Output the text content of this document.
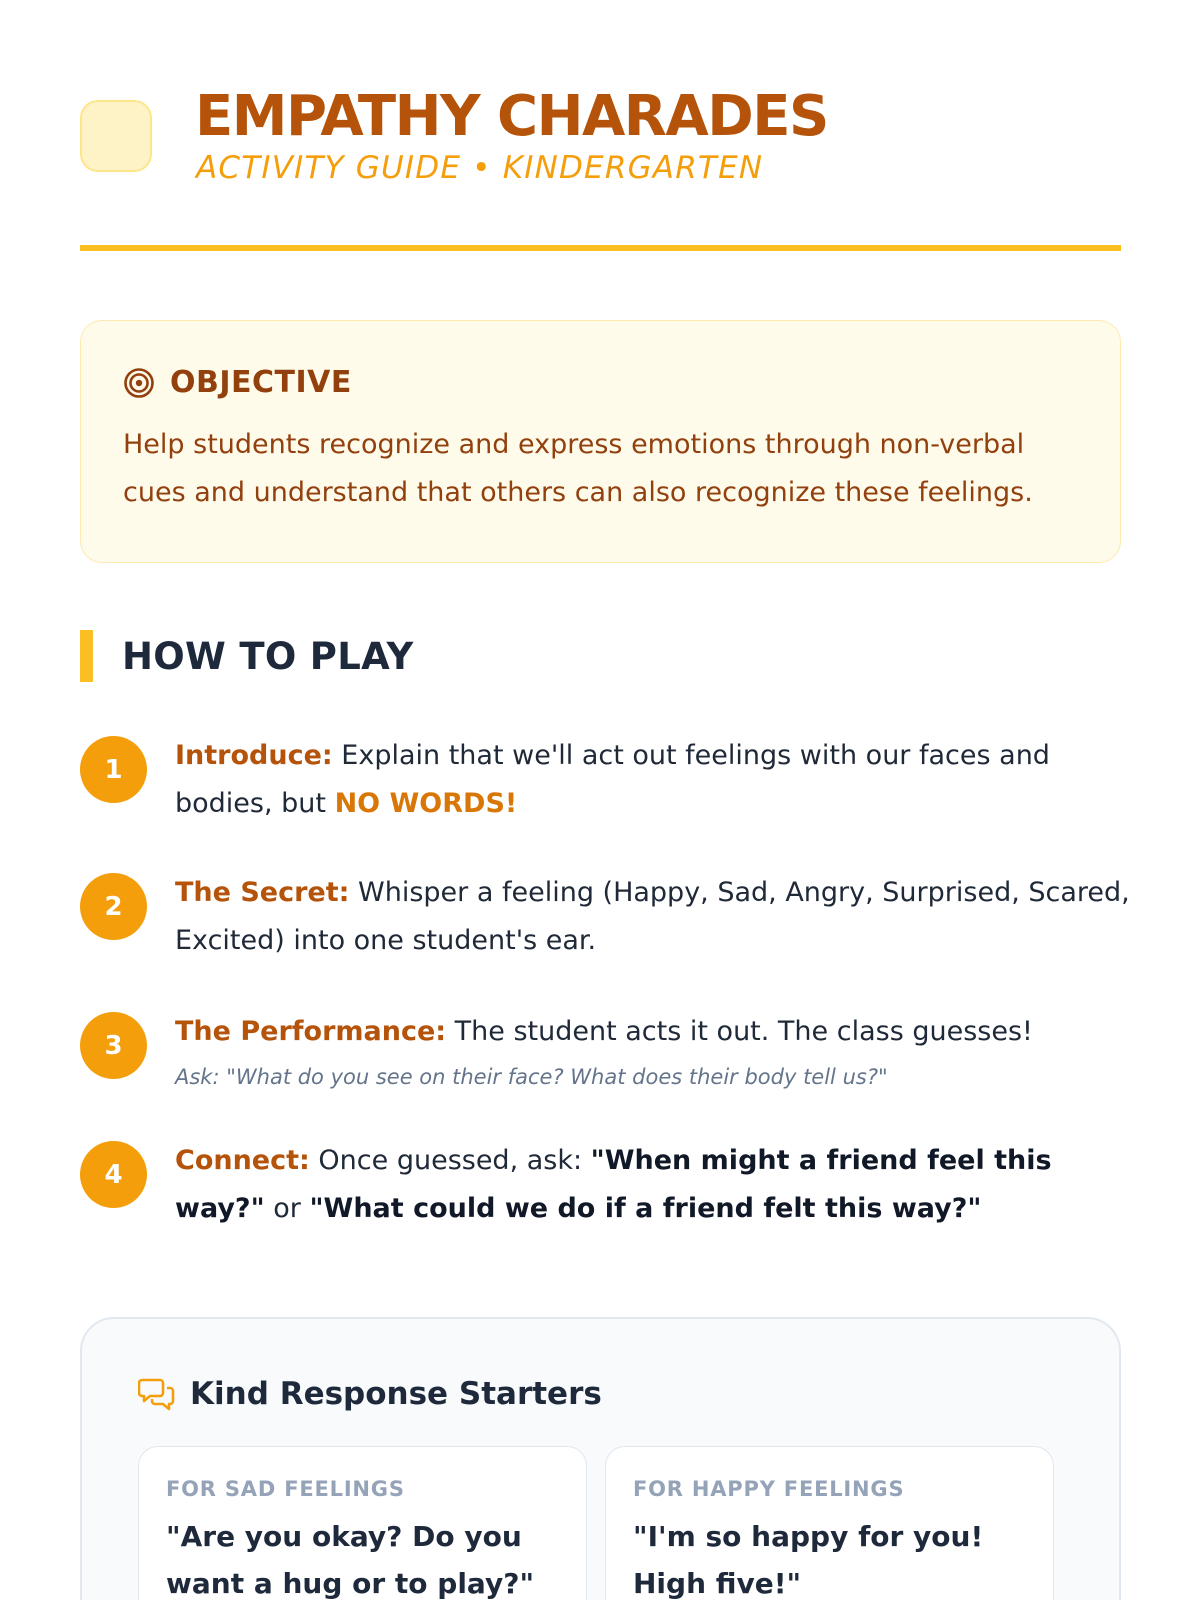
EMPATHY CHARADES
ACTIVITY GUIDE • KINDERGARTEN
OBJECTIVE
Help students recognize and express emotions through non-verbal cues and understand that others can also recognize these feelings.
HOW TO PLAY
1	Introduce: Explain that we'll act out feelings with our faces and bodies, but NO WORDS!
2	The Secret: Whisper a feeling (Happy, Sad, Angry, Surprised, Scared, Excited) into one student's ear.
3	The Performance: The student acts it out. The class guesses!
Ask: "What do you see on their face? What does their body tell us?"
4	Connect: Once guessed, ask: "When might a friend feel this way?" or "What could we do if a friend felt this way?"
Kind Response Starters
FOR SAD FEELINGS
"Are you okay? Do you want a hug or to play?"
FOR HAPPY FEELINGS
"I'm so happy for you! High five!"
